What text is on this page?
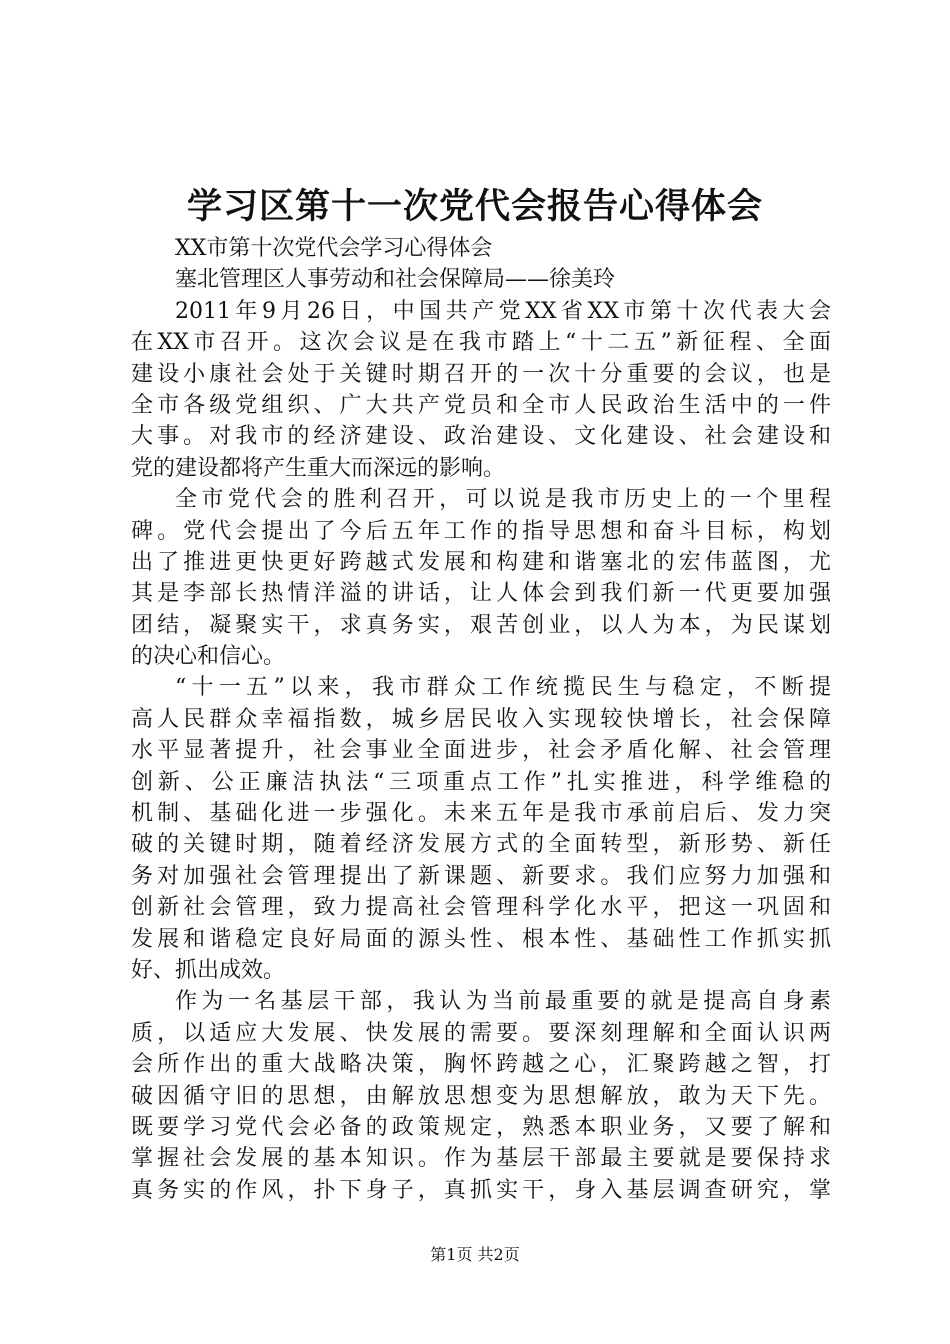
学习区第十一次党代会报告心得体会

XX市第十次党代会学习心得体会

塞北管理区人事劳动和社会保障局——徐美玲

2011年9月26日，中国共产党XX省XX市第十次代表大会

在XX市召开。这次会议是在我市踏上“十二五”新征程、全面

建设小康社会处于关键时期召开的一次十分重要的会议，也是

全市各级党组织、广大共产党员和全市人民政治生活中的一件

大事。对我市的经济建设、政治建设、文化建设、社会建设和

党的建设都将产生重大而深远的影响。

全市党代会的胜利召开，可以说是我市历史上的一个里程

碑。党代会提出了今后五年工作的指导思想和奋斗目标，构划

出了推进更快更好跨越式发展和构建和谐塞北的宏伟蓝图，尤

其是李部长热情洋溢的讲话，让人体会到我们新一代更要加强

团结，凝聚实干，求真务实，艰苦创业，以人为本，为民谋划

的决心和信心。

“十一五”以来，我市群众工作统揽民生与稳定，不断提

高人民群众幸福指数，城乡居民收入实现较快增长，社会保障

水平显著提升，社会事业全面进步，社会矛盾化解、社会管理

创新、公正廉洁执法“三项重点工作”扎实推进，科学维稳的

机制、基础化进一步强化。未来五年是我市承前启后、发力突

破的关键时期，随着经济发展方式的全面转型，新形势、新任

务对加强社会管理提出了新课题、新要求。我们应努力加强和

创新社会管理，致力提高社会管理科学化水平，把这一巩固和

发展和谐稳定良好局面的源头性、根本性、基础性工作抓实抓

好、抓出成效。

作为一名基层干部，我认为当前最重要的就是提高自身素

质，以适应大发展、快发展的需要。要深刻理解和全面认识两

会所作出的重大战略决策，胸怀跨越之心，汇聚跨越之智，打

破因循守旧的思想，由解放思想变为思想解放，敢为天下先。

既要学习党代会必备的政策规定，熟悉本职业务，又要了解和

掌握社会发展的基本知识。作为基层干部最主要就是要保持求

真务实的作风，扑下身子，真抓实干，身入基层调查研究，掌

第1页 共2页
